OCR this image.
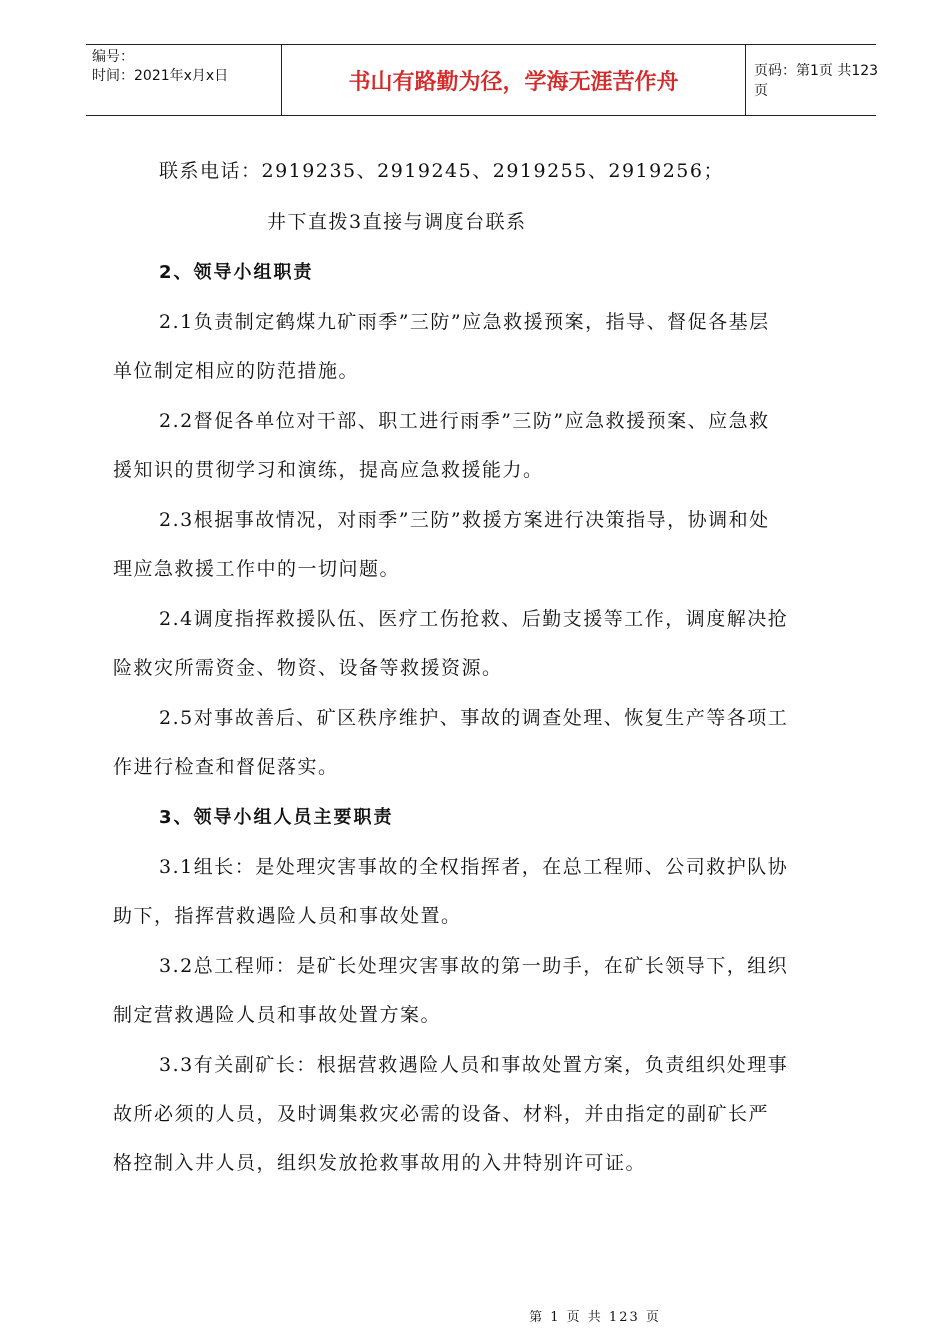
编号：
时间：2021年x月x日	书山有路勤为径，学海无涯苦作舟	页码：第1页 共123页
联系电话：2919235、2919245、2919255、2919256；
井下直拨3直接与调度台联系
2、领导小组职责
2.1负责制定鹤煤九矿雨季”三防”应急救援预案，指导、督促各基层
单位制定相应的防范措施。
2.2督促各单位对干部、职工进行雨季”三防”应急救援预案、应急救
援知识的贯彻学习和演练，提高应急救援能力。
2.3根据事故情况，对雨季”三防”救援方案进行决策指导，协调和处
理应急救援工作中的一切问题。
2.4调度指挥救援队伍、医疗工伤抢救、后勤支援等工作，调度解决抢
险救灾所需资金、物资、设备等救援资源。
2.5对事故善后、矿区秩序维护、事故的调查处理、恢复生产等各项工
作进行检查和督促落实。
3、领导小组人员主要职责
3.1组长：是处理灾害事故的全权指挥者，在总工程师、公司救护队协
助下，指挥营救遇险人员和事故处置。
3.2总工程师：是矿长处理灾害事故的第一助手，在矿长领导下，组织
制定营救遇险人员和事故处置方案。
3.3有关副矿长：根据营救遇险人员和事故处置方案，负责组织处理事
故所必须的人员，及时调集救灾必需的设备、材料，并由指定的副矿长严
格控制入井人员，组织发放抢救事故用的入井特别许可证。
第 1 页 共 123 页
